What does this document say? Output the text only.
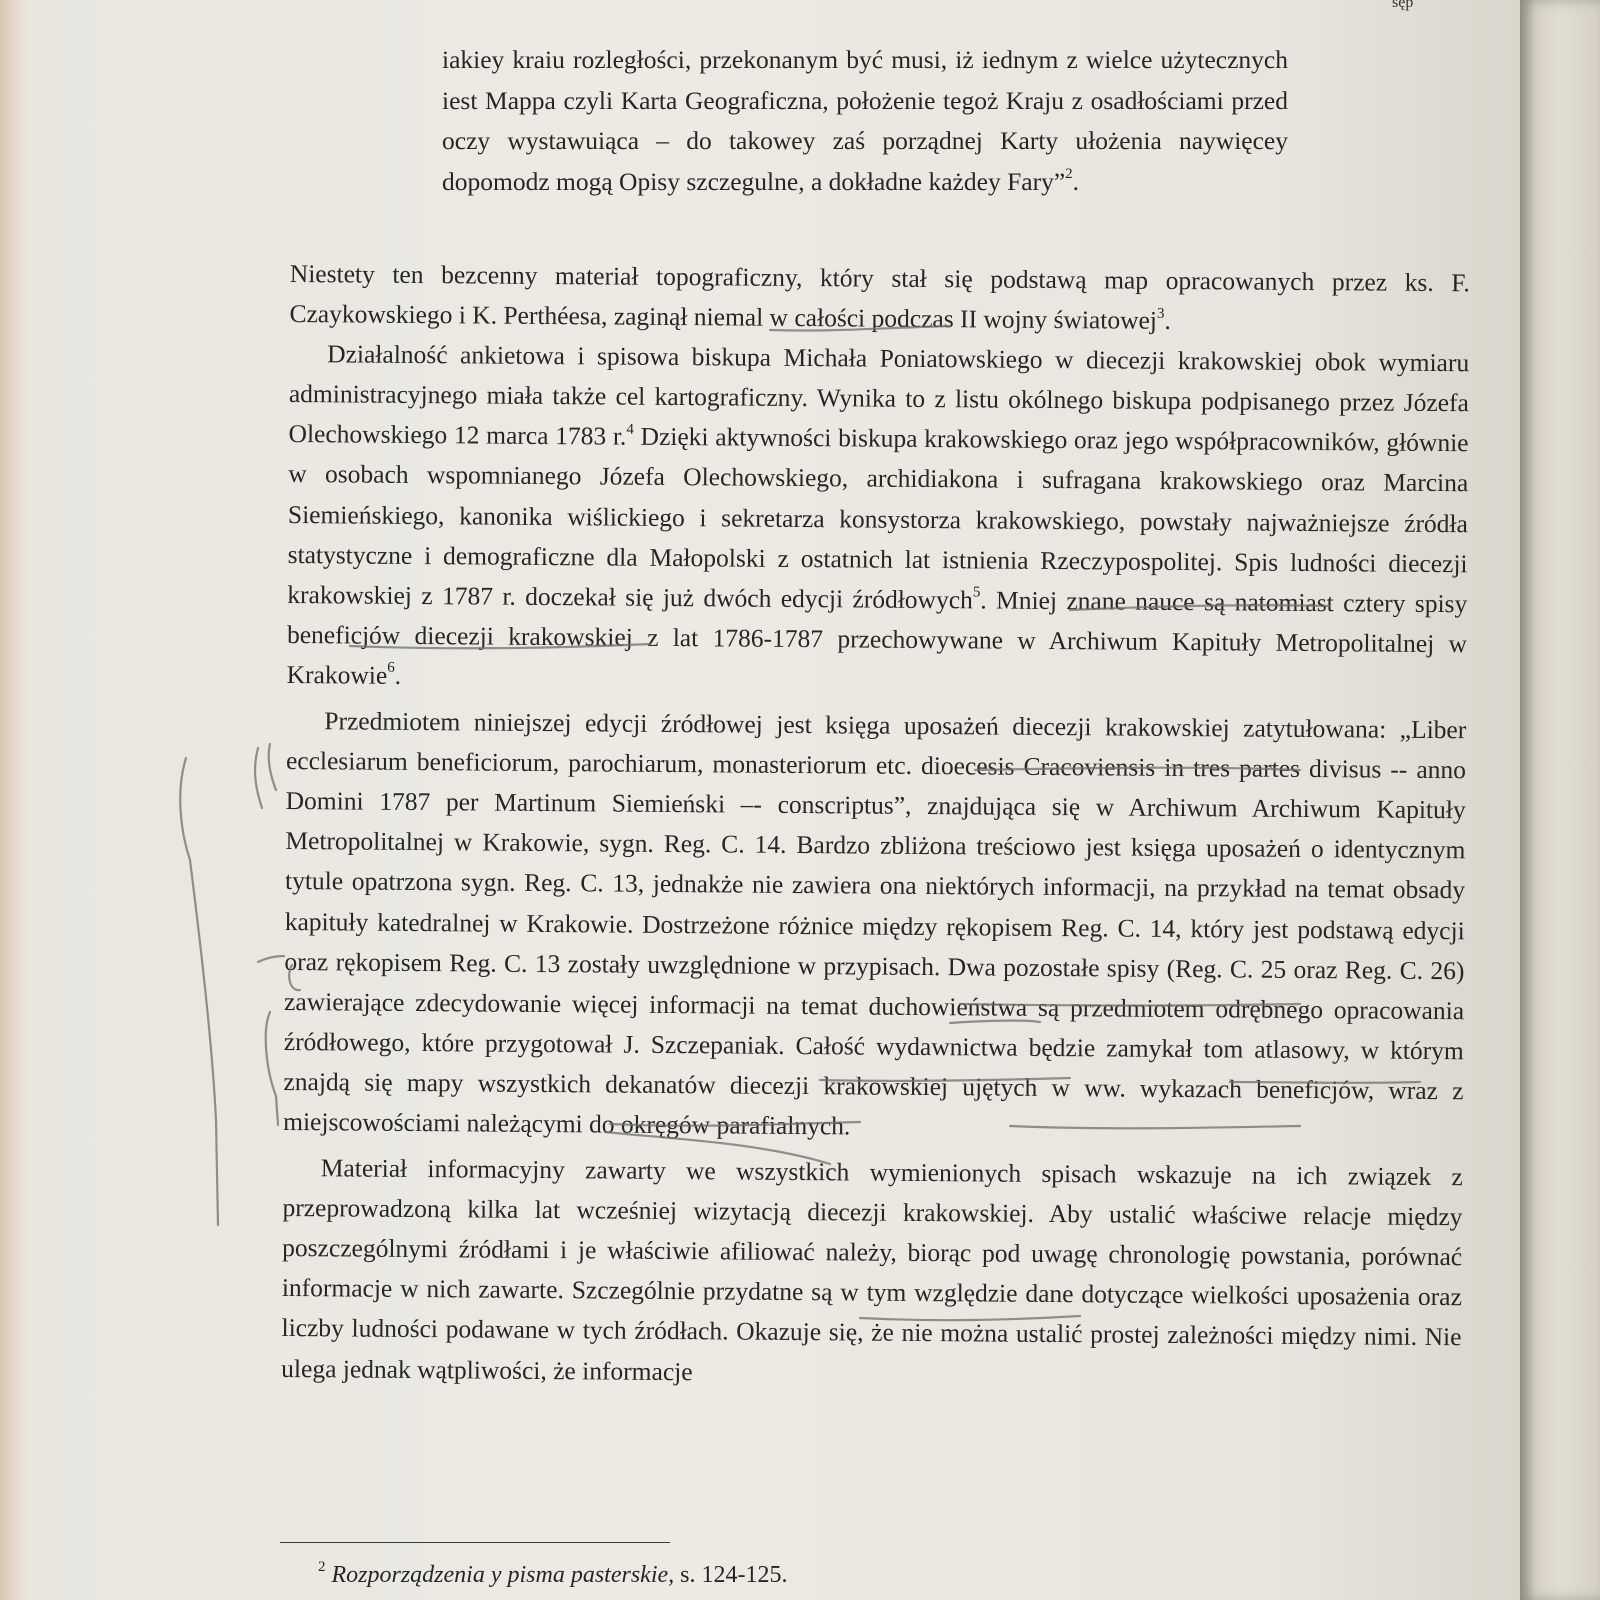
sęp
iakiey kraiu rozległości, przekonanym być musi, iż iednym z wielce użytecznych iest Mappa czyli Karta Geograficzna, położenie tegoż Kraju z osadłościami przed oczy wystawuiąca – do takowey zaś porządnej Karty ułożenia naywięcey dopomodz mogą Opisy szczegulne, a dokładne każdey Fary”$^2$.

Niestety ten bezcenny materiał topograficzny, który stał się podstawą map opracowanych przez ks. F. Czaykowskiego i K. Perthéesa, zaginął niemal w całości podczas II wojny światowej$^3$.

Działalność ankietowa i spisowa biskupa Michała Poniatowskiego w diecezji krakowskiej obok wymiaru administracyjnego miała także cel kartograficzny. Wynika to z listu okólnego biskupa podpisanego przez Józefa Olechowskiego 12 marca 1783 r.$^4$ Dzięki aktywności biskupa krakowskiego oraz jego współpracowników, głównie w osobach wspomnianego Józefa Olechowskiego, archidiakona i sufragana krakowskiego oraz Marcina Siemieńskiego, kanonika wiślickiego i sekretarza konsystorza krakowskiego, powstały najważniejsze źródła statystyczne i demograficzne dla Małopolski z ostatnich lat istnienia Rzeczypospolitej. Spis ludności diecezji krakowskiej z 1787 r. doczekał się już dwóch edycji źródłowych$^5$. Mniej znane nauce są natomiast cztery spisy beneficjów diecezji krakowskiej z lat 1786-1787 przechowywane w Archiwum Kapituły Metropolitalnej w Krakowie$^6$.

Przedmiotem niniejszej edycji źródłowej jest księga uposażeń diecezji krakowskiej zatytułowana: „Liber ecclesiarum beneficiorum, parochiarum, monasteriorum etc. dioecesis Cracoviensis in tres partes divisus -- anno Domini 1787 per Martinum Siemieński –- conscriptus”, znajdująca się w Archiwum Archiwum Kapituły Metropolitalnej w Krakowie, sygn. Reg. C. 14. Bardzo zbliżona treściowo jest księga uposażeń o identycznym tytule opatrzona sygn. Reg. C. 13, jednakże nie zawiera ona niektórych informacji, na przykład na temat obsady kapituły katedralnej w Krakowie. Dostrzeżone różnice między rękopisem Reg. C. 14, który jest podstawą edycji oraz rękopisem Reg. C. 13 zostały uwzględnione w przypisach. Dwa pozostałe spisy (Reg. C. 25 oraz Reg. C. 26) zawierające zdecydowanie więcej informacji na temat duchowieństwa są przedmiotem odrębnego opracowania źródłowego, które przygotował J. Szczepaniak. Całość wydawnictwa będzie zamykał tom atlasowy, w którym znajdą się mapy wszystkich dekanatów diecezji krakowskiej ujętych w ww. wykazach beneficjów, wraz z miejscowościami należącymi do okręgów parafialnych.

Materiał informacyjny zawarty we wszystkich wymienionych spisach wskazuje na ich związek z przeprowadzoną kilka lat wcześniej wizytacją diecezji krakowskiej. Aby ustalić właściwe relacje między poszczególnymi źródłami i je właściwie afiliować należy, biorąc pod uwagę chronologię powstania, porównać informacje w nich zawarte. Szczególnie przydatne są w tym względzie dane dotyczące wielkości uposażenia oraz liczby ludności podawane w tych źródłach. Okazuje się, że nie można ustalić prostej zależności między nimi. Nie ulega jednak wątpliwości, że informacje

$^2$ Rozporządzenia y pisma pasterskie, s. 124-125.
